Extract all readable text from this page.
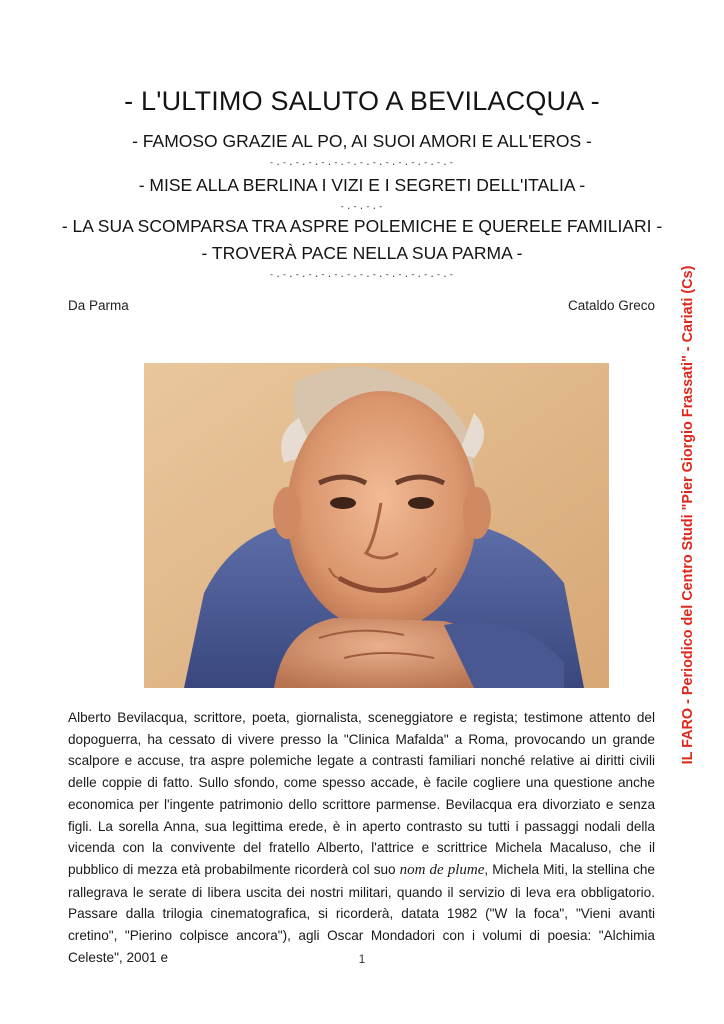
- L'ULTIMO SALUTO A BEVILACQUA -
- FAMOSO GRAZIE AL PO, AI SUOI AMORI E ALL'EROS -
-.-.-.-.-.-.-.-.-.-.-.-.-.-.-
- MISE ALLA BERLINA I VIZI E I SEGRETI DELL'ITALIA -
-.-.-.-
- LA SUA SCOMPARSA TRA ASPRE POLEMICHE E QUERELE FAMILIARI -
- TROVERÀ PACE NELLA SUA PARMA -
-.-.-.-.-.-.-.-.-.-.-.-.-.-.-
Da Parma	Cataldo Greco

Alberto Bevilacqua, scrittore, poeta, giornalista, sceneggiatore e regista; testimone attento del dopoguerra, ha cessato di vivere presso la "Clinica Mafalda" a Roma, provocando un grande scalpore e accuse, tra aspre polemiche legate a contrasti familiari nonché relative ai diritti civili delle coppie di fatto. Sullo sfondo, come spesso accade, è facile cogliere una questione anche economica per l'ingente patrimonio dello scrittore parmense. Bevilacqua era divorziato e senza figli. La sorella Anna, sua legittima erede, è in aperto contrasto su tutti i passaggi nodali della vicenda con la convivente del fratello Alberto, l'attrice e scrittrice Michela Macaluso, che il pubblico di mezza età probabilmente ricorderà col suo nom de plume, Michela Miti, la stellina che rallegrava le serate di libera uscita dei nostri militari, quando il servizio di leva era obbligatorio. Passare dalla trilogia cinematografica, si ricorderà, datata 1982 ("W la foca", "Vieni avanti cretino", "Pierino colpisce ancora"), agli Oscar Mondadori con i volumi di poesia: "Alchimia Celeste", 2001 e	1
IL FARO - Periodico del Centro Studi "Pier Giorgio Frassati" - Cariati (Cs)
